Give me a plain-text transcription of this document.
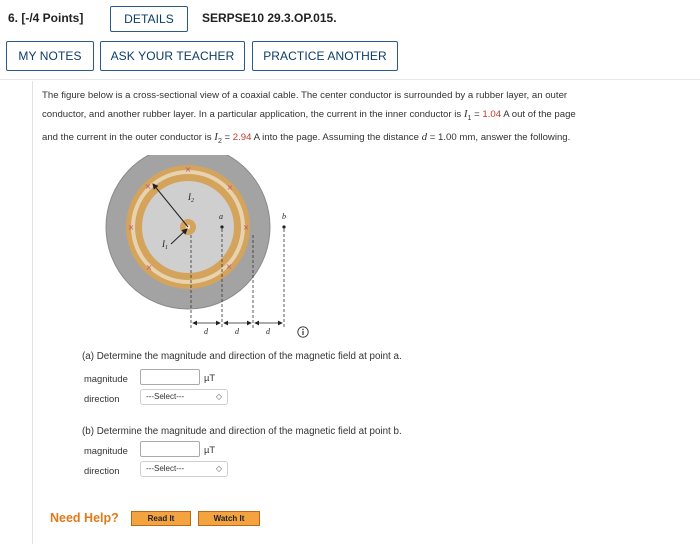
6. [-/4 Points]	DETAILS	SERPSE10 29.3.OP.015.
MY NOTES	ASK YOUR TEACHER	PRACTICE ANOTHER
The figure below is a cross-sectional view of a coaxial cable. The center conductor is surrounded by a rubber layer, an outer
conductor, and another rubber layer. In a particular application, the current in the inner conductor is $I_1 = 1.04$ A out of the page
and the current in the outer conductor is $I_2 = 2.94$ A into the page. Assuming the distance d = 1.00 mm, answer the following.
×
×	×
×	×
×	×
$I_2$
$I_1$
a	b
d	d	d
(a) Determine the magnitude and direction of the magnetic field at point a.
magnitude	µT
direction	---Select---	◇
(b) Determine the magnitude and direction of the magnetic field at point b.
magnitude	µT
direction	---Select---	◇
Need Help?	Read It	Watch It
